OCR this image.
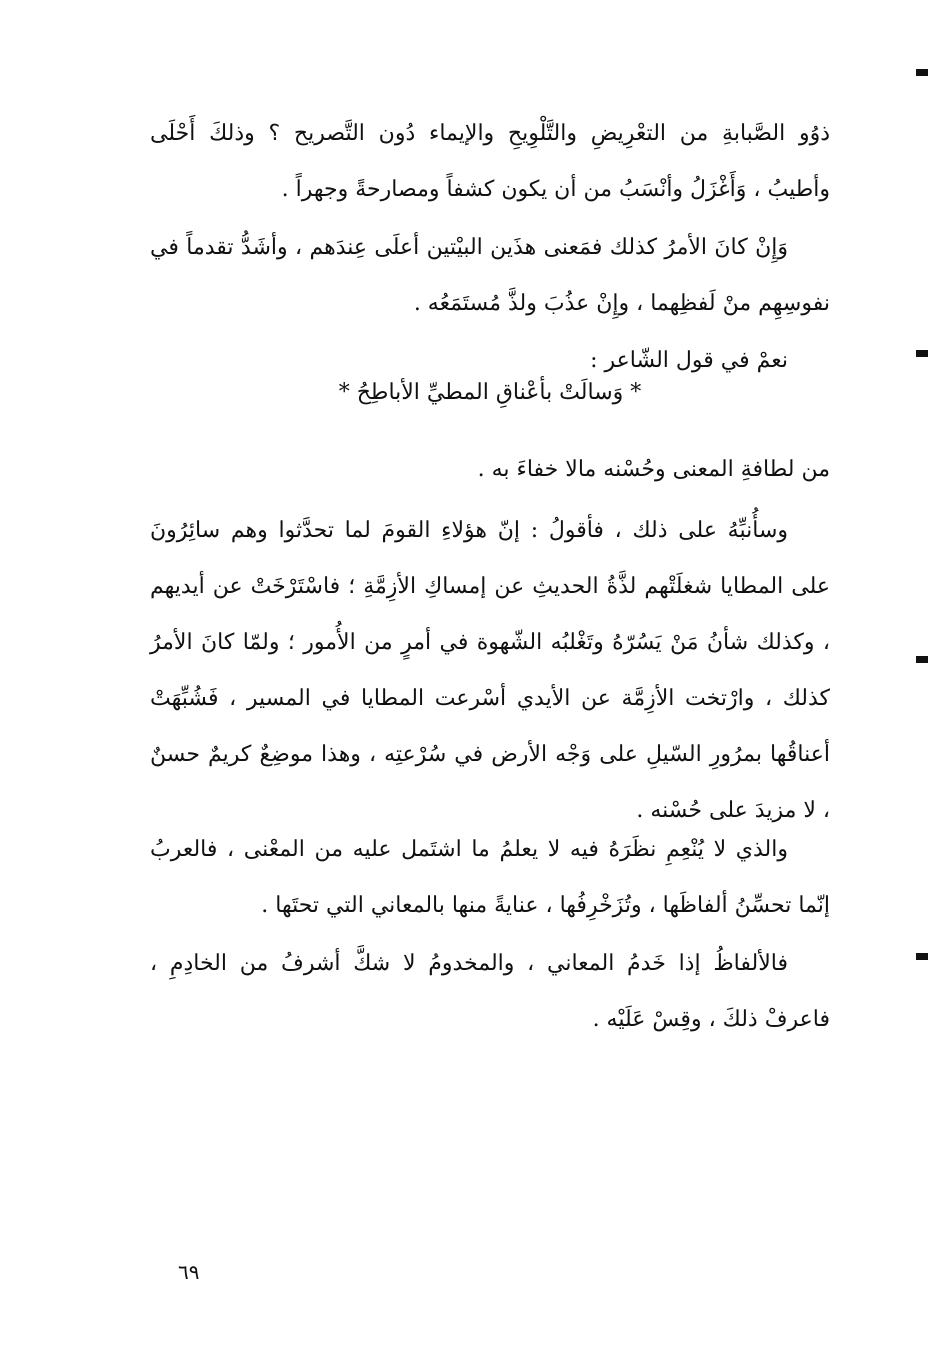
ذوُو الصَّبابةِ من التعْرِيضِ والتَّلْوِيحِ والإيماء دُون التَّصريح ؟ وذلكَ أَحْلَى وأطيبُ ، وَأَغْزَلُ وأنْسَبُ من أن يكون كشفاً ومصارحةً وجهراً .

وَإِنْ كانَ الأمرُ كذلك فمَعنى هذَين البيْتين أعلَى عِندَهم ، وأشَدُّ تقدماً في نفوسِهِم منْ لَفظِهما ، وإِنْ عذُبَ ولذَّ مُستَمَعُه .

نعمْ في قول الشّاعر :

* وَسالَتْ بأعْناقِ المطيِّ الأباطِحُ *

من لطافةِ المعنى وحُسْنه مالا خفاءَ به .

وسأُنبِّهُ على ذلك ، فأقولُ : إنّ هؤلاءِ القومَ لما تحدَّثوا وهم سائِرُونَ على المطايا شغلَتْهم لذَّةُ الحديثِ عن إمساكِ الأزِمَّةِ ؛ فاسْتَرْخَتْ عن أيديهم ، وكذلك شأنُ مَنْ يَسُرّهُ وتَغْلبُه الشّهوة في أمرٍ من الأُمور ؛ ولمّا كانَ الأمرُ كذلك ، وارْتخت الأزِمَّة عن الأيدي أسْرعت المطايا في المسير ، فَشُبِّهَتْ أعناقُها بمرُورِ السّيلِ على وَجْه الأرض في سُرْعتِه ، وهذا موضِعٌ كريمٌ حسنٌ ، لا مزيدَ على حُسْنه .

والذي لا يُنْعِمِ نظَرَهُ فيه لا يعلمُ ما اشتَمل عليه من المعْنى ، فالعربُ إنّما تحسِّنُ ألفاظَها ، وتُزَخْرِفُها ، عنايةً منها بالمعاني التي تحتَها .

فالألفاظُ إذا خَدمُ المعاني ، والمخدومُ لا شكَّ أشرفُ من الخادِمِ ، فاعرفْ ذلكَ ، وقِسْ عَلَيْه .

٦٩
